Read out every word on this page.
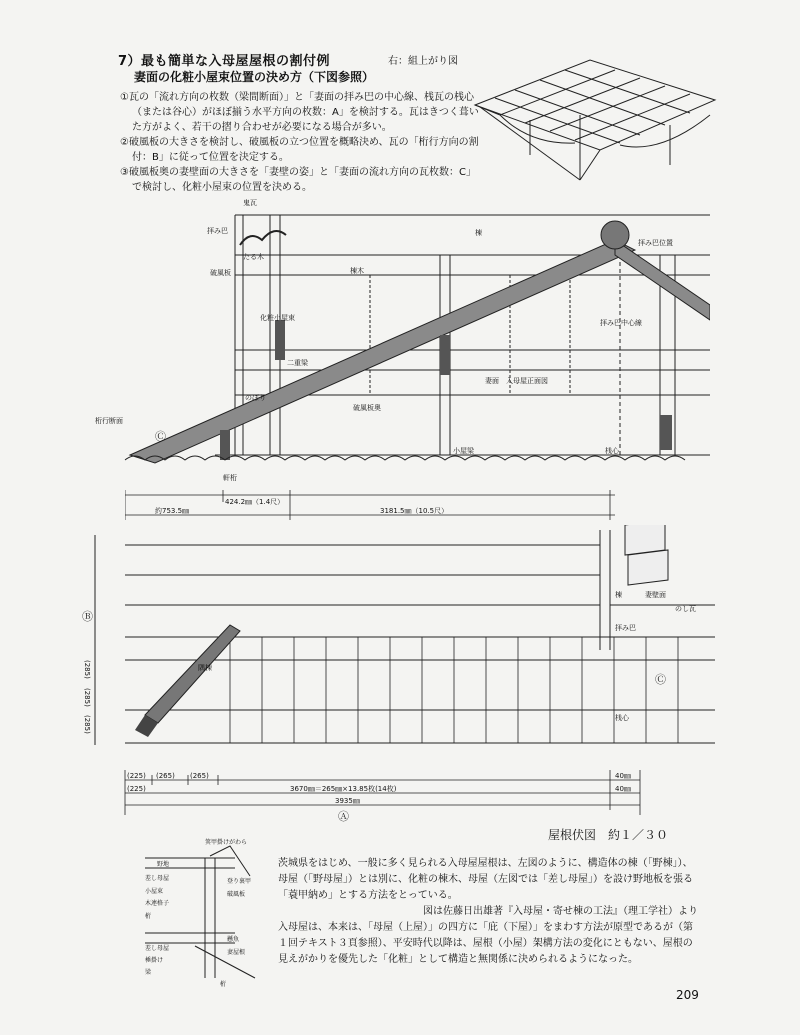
7）最も簡単な入母屋屋根の割付例	右：組上がり図
妻面の化粧小屋束位置の決め方（下図参照）

①瓦の「流れ方向の枚数（梁間断面）」と「妻面の拝み巴の中心線、桟瓦の桟心（または谷心）がほぼ揃う水平方向の枚数：A」を検討する。瓦はきつく葺いた方がよく、若干の摺り合わせが必要になる場合が多い。

②破風板の大きさを検討し、破風板の立つ位置を概略決め、瓦の「桁行方向の割付：B」に従って位置を決定する。

③破風板奥の妻壁面の大きさを「妻壁の姿」と「妻面の流れ方向の瓦枚数：C」で検討し、化粧小屋束の位置を決める。

鬼瓦
拝み巴
拝み巴位置
棟
たる木
棟木
破風板
化粧小屋束
二重梁
のぼり
破風板奥
桁行断面
拝み巴中心線
妻面　入母屋正面図
小屋梁
軒桁
桟心
Ⓒ
424.2㎜（1.4尺）
約753.5㎜	3181.5㎜（10.5尺）
Ⓑ
Ⓒ
(285)
(285)
(285)
隅棟
棟
拝み巴
妻壁面
のし瓦
桟心
(225) (265) (265)
(225)	3670㎜＝265㎜×13.85枚(14枚)
40㎜
40㎜
3935㎜
Ⓐ
屋根伏図　約１／３０
箕甲掛けがわら
野地
登り裏甲
差し母屋
破風板
小屋束
木連格子
桁
差し母屋
妻屋根
懸魚
棰掛け
梁
桁

茨城県をはじめ、一般に多く見られる入母屋屋根は、左図のように、構造体の棟（「野棟」）、母屋（「野母屋」）とは別に、化粧の棟木、母屋（左図では「差し母屋」）を設け野地板を張る「蓑甲納め」とする方法をとっている。

図は佐藤日出雄著『入母屋・寄せ棟の工法』（理工学社）より

入母屋は、本来は、「母屋（上屋）」の四方に「庇（下屋）」をまわす方法が原型であるが（第１回テキスト３頁参照）、平安時代以降は、屋根（小屋）架構方法の変化にともない、屋根の見えがかりを優先した「化粧」として構造と無関係に決められるようになった。

209
